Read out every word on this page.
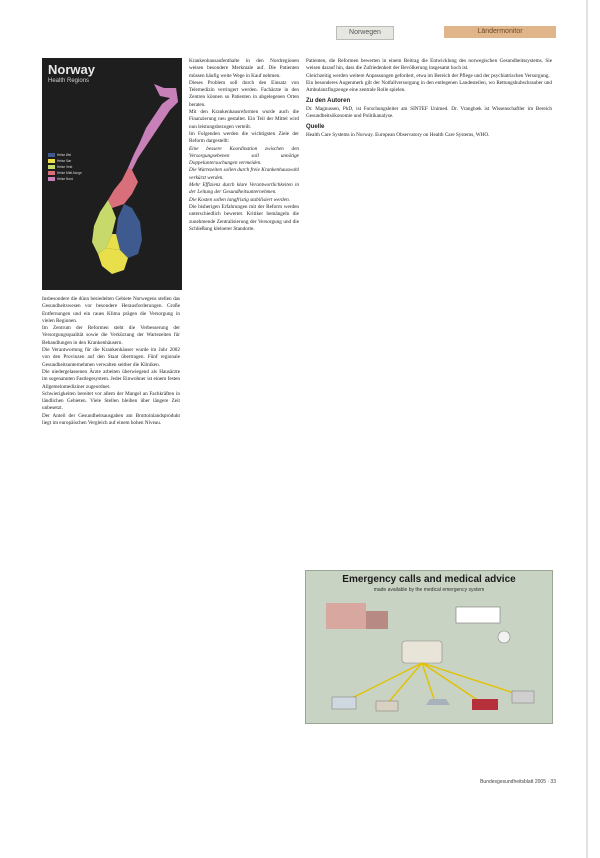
Norwegen	Ländermonitor
Norway
Health Regions
Helse Øst
Helse Sør
Helse Vest
Helse Midt-Norge
Helse Nord

Insbesondere die dünn besiedelten Gebiete Norwegens stellen das Gesundheitswesen vor besondere Herausforderungen. Große Entfernungen und ein raues Klima prägen die Versorgung in vielen Regionen.

Im Zentrum der Reformen steht die Verbesserung der Versorgungsqualität sowie die Verkürzung der Wartezeiten für Behandlungen in den Krankenhäusern.

Die Verantwortung für die Krankenhäuser wurde im Jahr 2002 von den Provinzen auf den Staat übertragen. Fünf regionale Gesundheitsunternehmen verwalten seither die Kliniken.

Die niedergelassenen Ärzte arbeiten überwiegend als Hausärzte im sogenannten Fastlegesystem. Jeder Einwohner ist einem festen Allgemeinmediziner zugeordnet.

Schwierigkeiten bereitet vor allem der Mangel an Fachkräften in ländlichen Gebieten. Viele Stellen bleiben über längere Zeit unbesetzt.

Der Anteil der Gesundheitsausgaben am Bruttoinlandsprodukt liegt im europäischen Vergleich auf einem hohen Niveau.

Krankenhausaufenthalte in den Nordregionen weisen besondere Merkmale auf. Die Patienten müssen häufig weite Wege in Kauf nehmen.

Dieses Problem soll durch den Einsatz von Telemedizin verringert werden. Fachärzte in den Zentren können so Patienten in abgelegenen Orten beraten.

Mit den Krankenhausreformen wurde auch die Finanzierung neu gestaltet. Ein Teil der Mittel wird nun leistungsbezogen verteilt.

Im Folgenden werden die wichtigsten Ziele der Reform dargestellt:

Eine bessere Koordination zwischen den Versorgungsebenen soll unnötige Doppeluntersuchungen vermeiden.

Die Wartezeiten sollen durch freie Krankenhauswahl verkürzt werden.

Mehr Effizienz durch klare Verantwortlichkeiten in der Leitung der Gesundheitsunternehmen.

Die Kosten sollen langfristig stabilisiert werden.

Die bisherigen Erfahrungen mit der Reform werden unterschiedlich bewertet. Kritiker bemängeln die zunehmende Zentralisierung der Versorgung und die Schließung kleinerer Standorte.

Patienten, die Reformen bewerten in einem Beitrag die Entwicklung des norwegischen Gesundheitssystems. Sie weisen darauf hin, dass die Zufriedenheit der Bevölkerung insgesamt hoch ist.

Gleichzeitig werden weitere Anpassungen gefordert, etwa im Bereich der Pflege und der psychiatrischen Versorgung.

Ein besonderes Augenmerk gilt der Notfallversorgung in den entlegenen Landesteilen, wo Rettungshubschrauber und Ambulanzflugzeuge eine zentrale Rolle spielen.

Zu den Autoren

Dr. Magnussen, PhD, ist Forschungsleiter am SINTEF Unimed. Dr. Vrangbæk ist Wissenschaftler im Bereich Gesundheitsökonomie und Politikanalyse.

Quelle

Health Care Systems in Norway. European Observatory on Health Care Systems, WHO.

Emergency calls and medical advice
made available by the medical emergency system
Bundesgesundheitsblatt 2005 · 33
